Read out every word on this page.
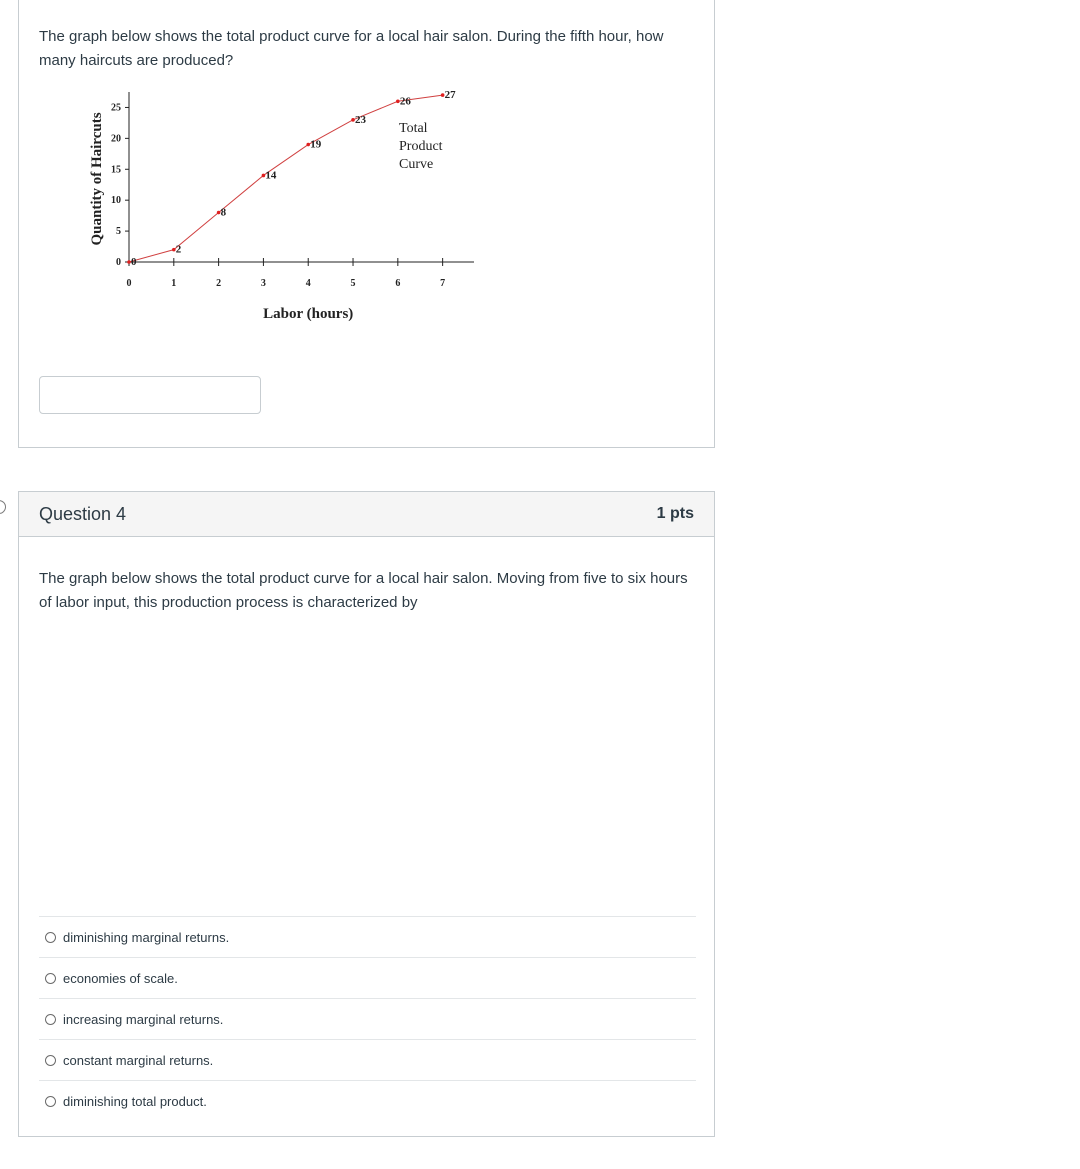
The graph below shows the total product curve for a local hair salon. During the fifth hour, how many haircuts are produced?

0
5
10
15
20
25
0	1	2	3	4	5	6	7
Labor (hours)
Quantity of Haircuts
0
2
8
14
19
23
26
27
Total
Product
Curve
Question 4	1 pts

The graph below shows the total product curve for a local hair salon. Moving from five to six hours of labor input, this production process is characterized by

diminishing marginal returns.
economies of scale.
increasing marginal returns.
constant marginal returns.
diminishing total product.
